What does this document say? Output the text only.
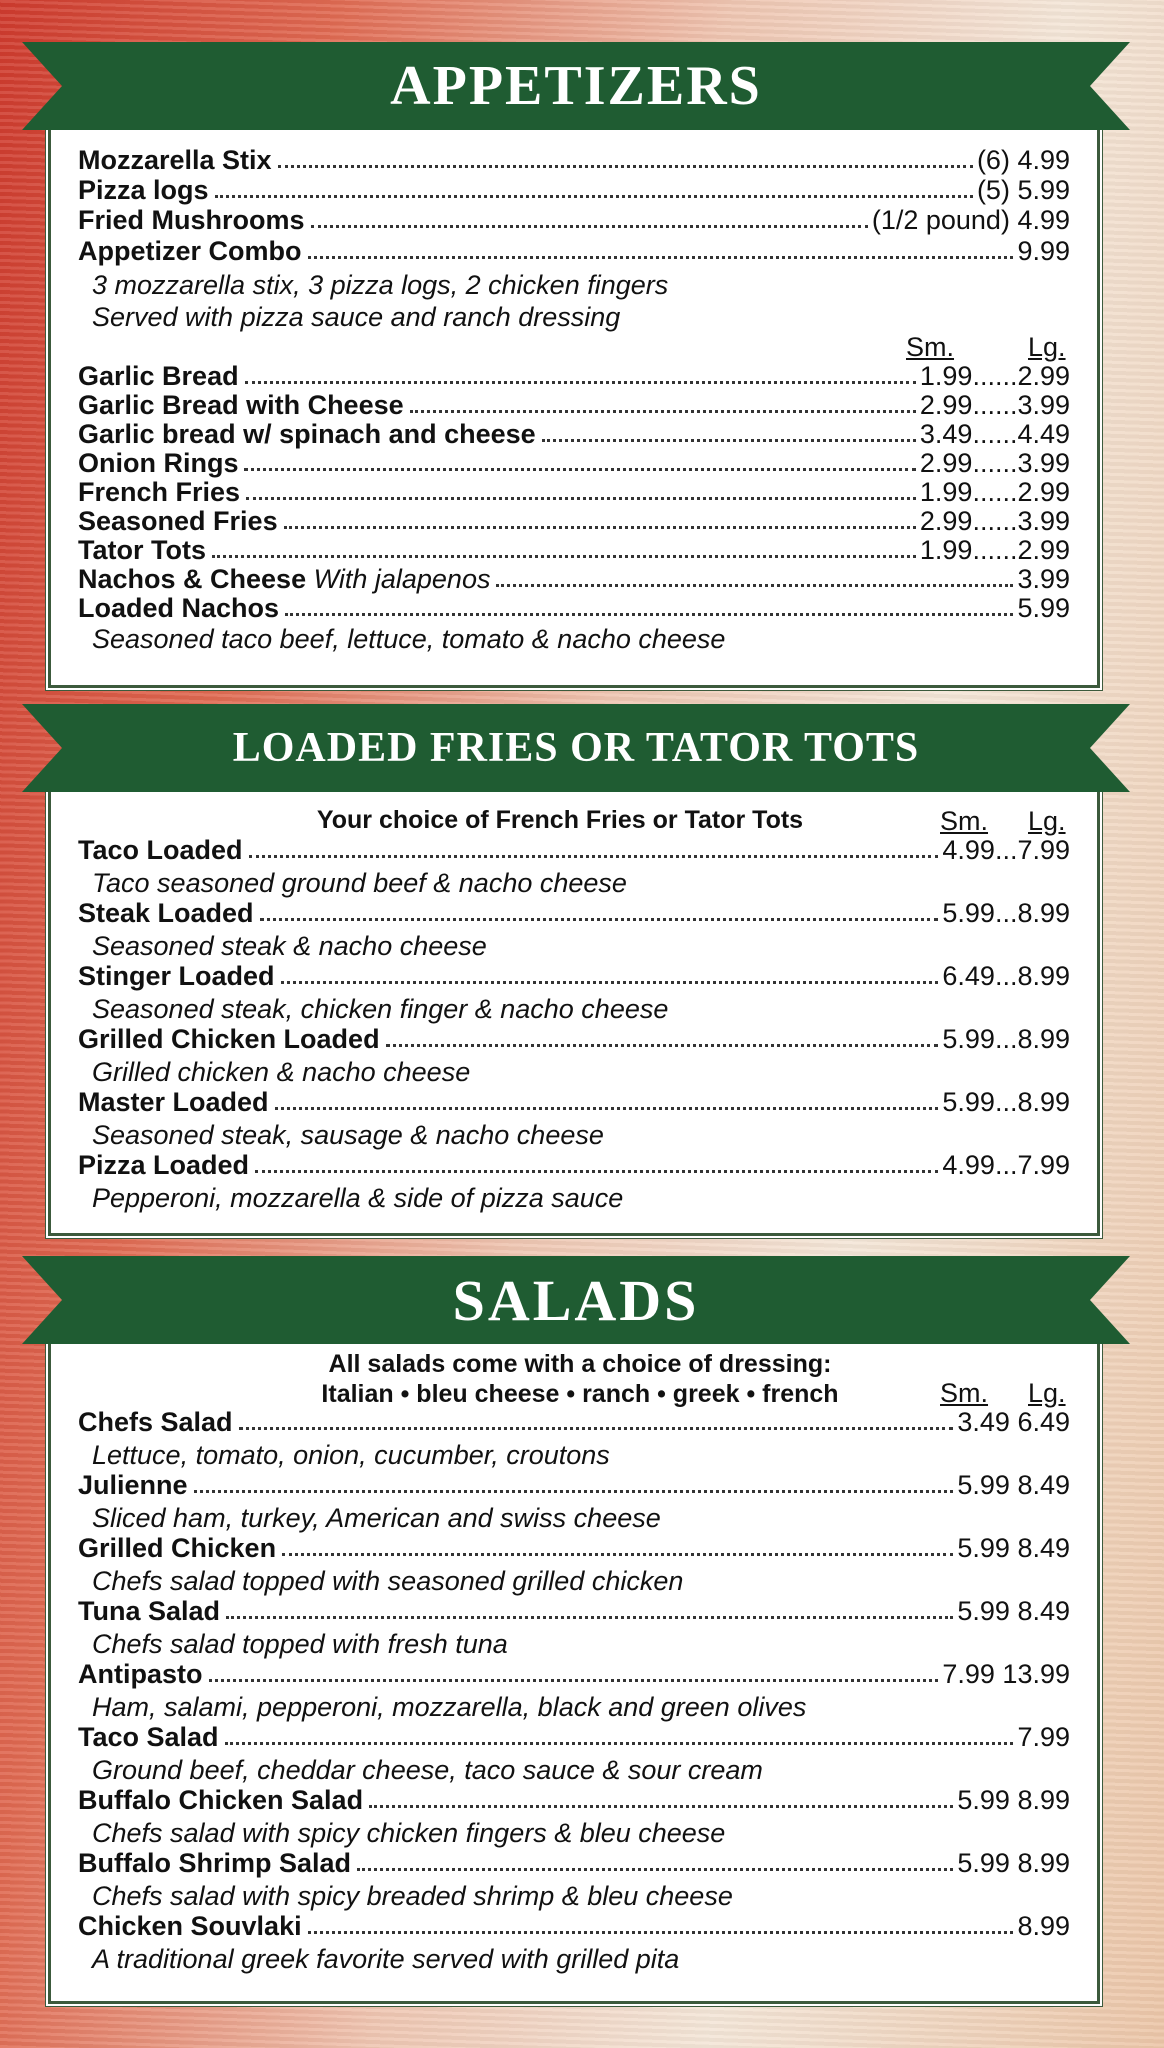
APPETIZERS
Mozzarella Stix	(6) 4.99
Pizza logs	(5) 5.99
Fried Mushrooms	(1/2 pound) 4.99
Appetizer Combo	9.99
3 mozzarella stix, 3 pizza logs, 2 chicken fingers
Served with pizza sauce and ranch dressing
Sm.	Lg.
Garlic Bread	1.99......2.99
Garlic Bread with Cheese	2.99......3.99
Garlic bread w/ spinach and cheese	3.49......4.49
Onion Rings	2.99......3.99
French Fries	1.99......2.99
Seasoned Fries	2.99......3.99
Tator Tots	1.99......2.99
Nachos & Cheese With jalapenos	3.99
Loaded Nachos	5.99
Seasoned taco beef, lettuce, tomato & nacho cheese
LOADED FRIES OR TATOR TOTS
Your choice of French Fries or Tator Tots	Sm. Lg.
Taco Loaded	4.99...7.99
Taco seasoned ground beef & nacho cheese
Steak Loaded	5.99...8.99
Seasoned steak & nacho cheese
Stinger Loaded	6.49...8.99
Seasoned steak, chicken finger & nacho cheese
Grilled Chicken Loaded	5.99...8.99
Grilled chicken & nacho cheese
Master Loaded	5.99...8.99
Seasoned steak, sausage & nacho cheese
Pizza Loaded	4.99...7.99
Pepperoni, mozzarella & side of pizza sauce
SALADS
All salads come with a choice of dressing:
Italian • bleu cheese • ranch • greek • french	Sm. Lg.
Chefs Salad	3.49 6.49
Lettuce, tomato, onion, cucumber, croutons
Julienne	5.99 8.49
Sliced ham, turkey, American and swiss cheese
Grilled Chicken	5.99 8.49
Chefs salad topped with seasoned grilled chicken
Tuna Salad	5.99 8.49
Chefs salad topped with fresh tuna
Antipasto	7.99 13.99
Ham, salami, pepperoni, mozzarella, black and green olives
Taco Salad	7.99
Ground beef, cheddar cheese, taco sauce & sour cream
Buffalo Chicken Salad	5.99 8.99
Chefs salad with spicy chicken fingers & bleu cheese
Buffalo Shrimp Salad	5.99 8.99
Chefs salad with spicy breaded shrimp & bleu cheese
Chicken Souvlaki	8.99
A traditional greek favorite served with grilled pita
